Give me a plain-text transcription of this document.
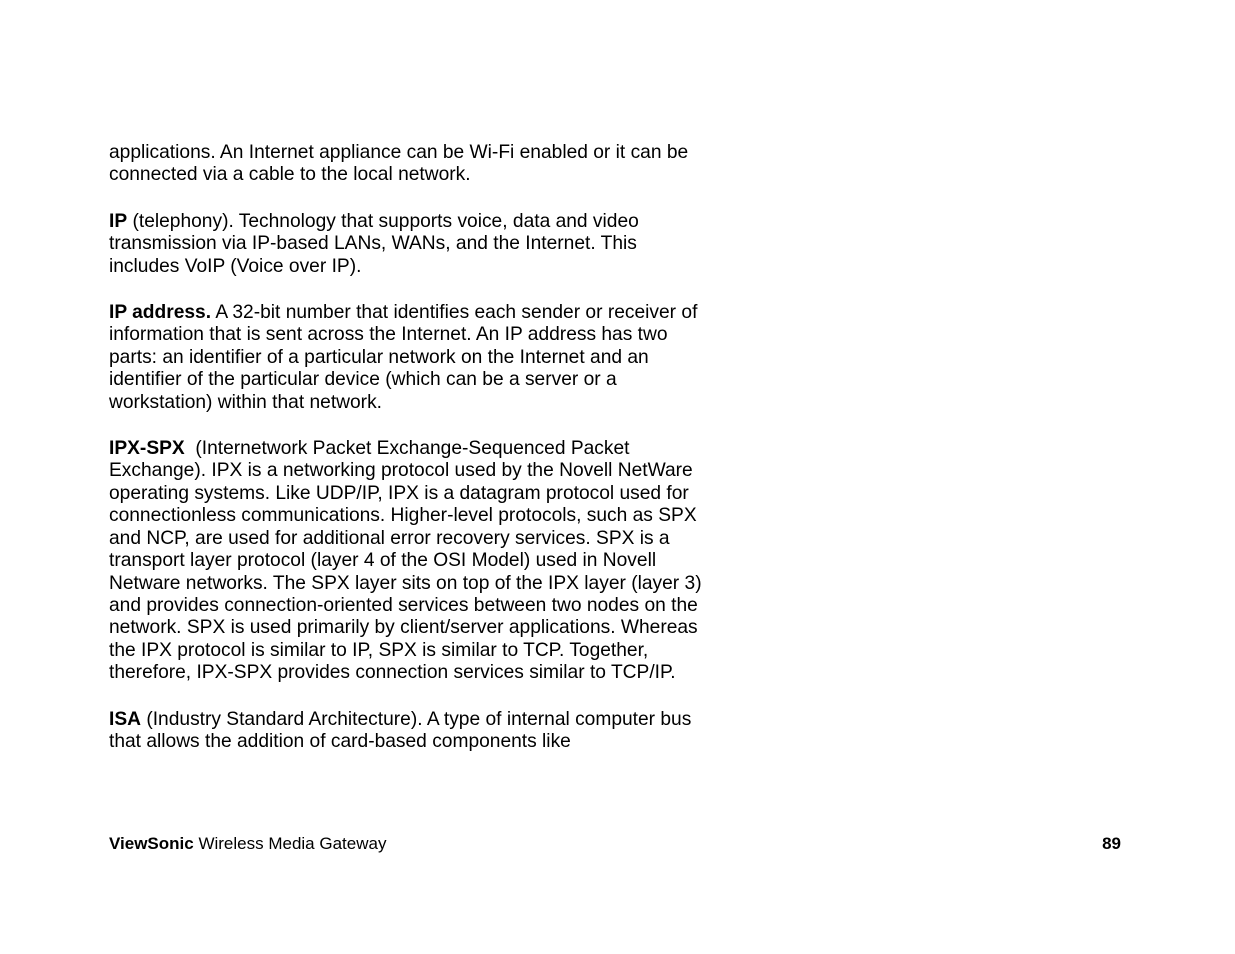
applications. An Internet appliance can be Wi-Fi enabled or it can be connected via a cable to the local network.

IP (telephony). Technology that supports voice, data and video transmission via IP-based LANs, WANs, and the Internet. This includes VoIP (Voice over IP).

IP address. A 32-bit number that identifies each sender or receiver of information that is sent across the Internet. An IP address has two parts: an identifier of a particular network on the Internet and an identifier of the particular device (which can be a server or a workstation) within that network.

IPX-SPX  (Internetwork Packet Exchange-Sequenced Packet Exchange). IPX is a networking protocol used by the Novell NetWare operating systems. Like UDP/IP, IPX is a datagram protocol used for connectionless communications. Higher-level protocols, such as SPX and NCP, are used for additional error recovery services. SPX is a transport layer protocol (layer 4 of the OSI Model) used in Novell Netware networks. The SPX layer sits on top of the IPX layer (layer 3) and provides connection-oriented services between two nodes on the network. SPX is used primarily by client/server applications. Whereas the IPX protocol is similar to IP, SPX is similar to TCP. Together, therefore, IPX-SPX provides connection services similar to TCP/IP.

ISA (Industry Standard Architecture). A type of internal computer bus that allows the addition of card-based components like

ViewSonic Wireless Media Gateway	89
